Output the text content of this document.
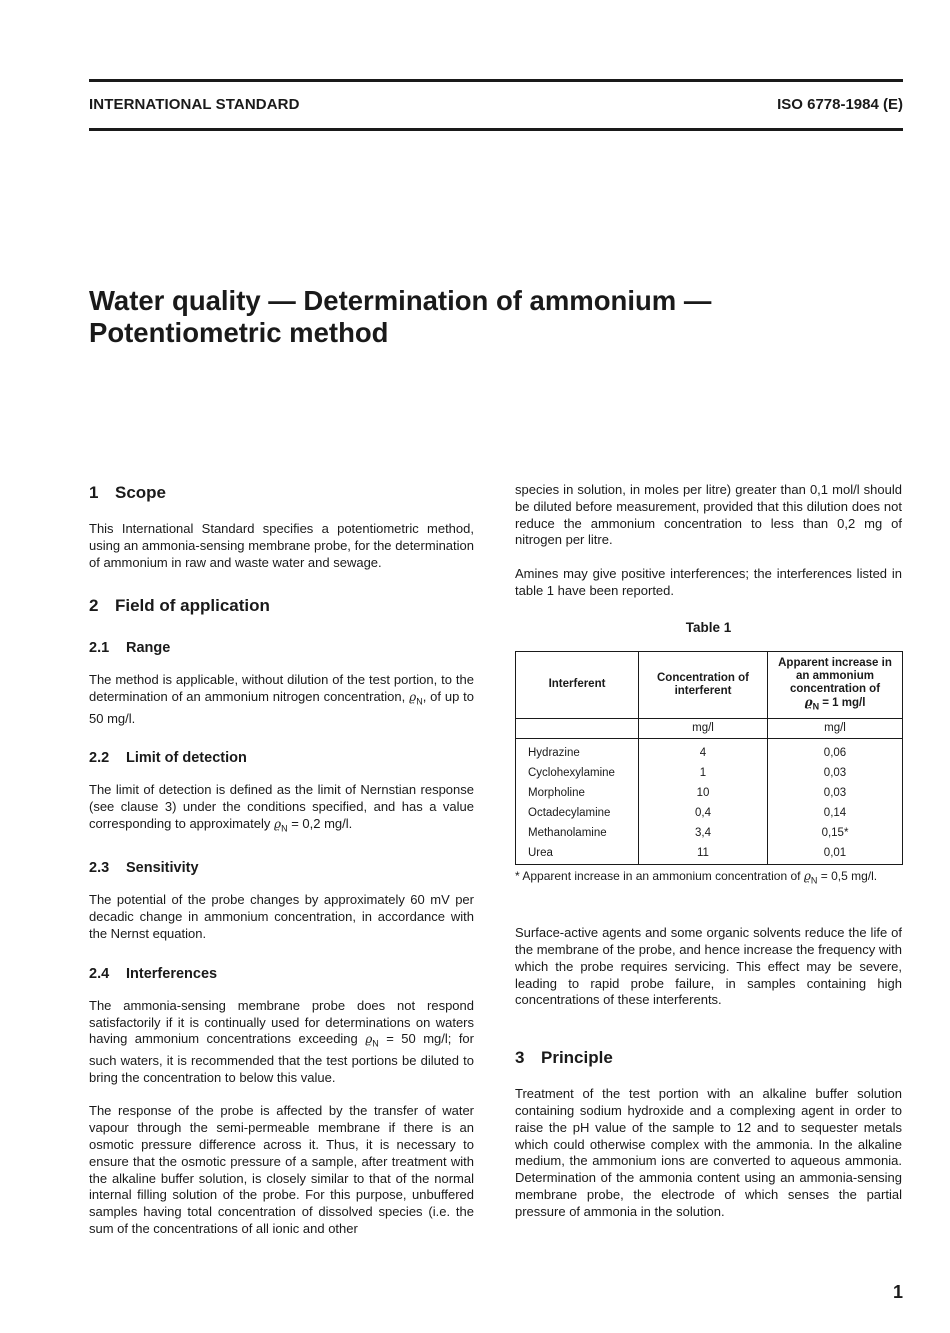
INTERNATIONAL STANDARD	ISO 6778-1984 (E)
Water quality — Determination of ammonium —
Potentiometric method
1 Scope

This International Standard specifies a potentiometric method, using an ammonia-sensing membrane probe, for the determination of ammonium in raw and waste water and sewage.

2 Field of application
2.1 Range

The method is applicable, without dilution of the test portion, to the determination of an ammonium nitrogen concentration, $ϱ_N$, of up to 50 mg/l.

2.2 Limit of detection

The limit of detection is defined as the limit of Nernstian response (see clause 3) under the conditions specified, and has a value corresponding to approximately $ϱ_N = 0,2$ mg/l.

2.3 Sensitivity

The potential of the probe changes by approximately 60 mV per decadic change in ammonium concentration, in accordance with the Nernst equation.

2.4 Interferences

The ammonia-sensing membrane probe does not respond satisfactorily if it is continually used for determinations on waters having ammonium concentrations exceeding $ϱ_N = 50$ mg/l; for such waters, it is recommended that the test portions be diluted to bring the concentration to below this value.

The response of the probe is affected by the transfer of water vapour through the semi-permeable membrane if there is an osmotic pressure difference across it. Thus, it is necessary to ensure that the osmotic pressure of a sample, after treatment with the alkaline buffer solution, is closely similar to that of the normal internal filling solution of the probe. For this purpose, unbuffered samples having total concentration of dissolved species (i.e. the sum of the concentrations of all ionic and other

species in solution, in moles per litre) greater than 0,1 mol/l should be diluted before measurement, provided that this dilution does not reduce the ammonium concentration to less than 0,2 mg of nitrogen per litre.

Amines may give positive interferences; the interferences listed in table 1 have been reported.

Table 1
Interferent	Concentration of interferent	Apparent increase in an ammonium concentration of
$ϱ_N = 1$ mg/l
	mg/l	mg/l
Hydrazine	4	0,06
Cyclohexylamine	1	0,03
Morpholine	10	0,03
Octadecylamine	0,4	0,14
Methanolamine	3,4	0,15*
Urea	11	0,01

* Apparent increase in an ammonium concentration of $ϱ_N = 0,5$ mg/l.

Surface-active agents and some organic solvents reduce the life of the membrane of the probe, and hence increase the frequency with which the probe requires servicing. This effect may be severe, leading to rapid probe failure, in samples containing high concentrations of these interferents.

3 Principle

Treatment of the test portion with an alkaline buffer solution containing sodium hydroxide and a complexing agent in order to raise the pH value of the sample to 12 and to sequester metals which could otherwise complex with the ammonia. In the alkaline medium, the ammonium ions are converted to aqueous ammonia. Determination of the ammonia content using an ammonia-sensing membrane probe, the electrode of which senses the partial pressure of ammonia in the solution.

1
